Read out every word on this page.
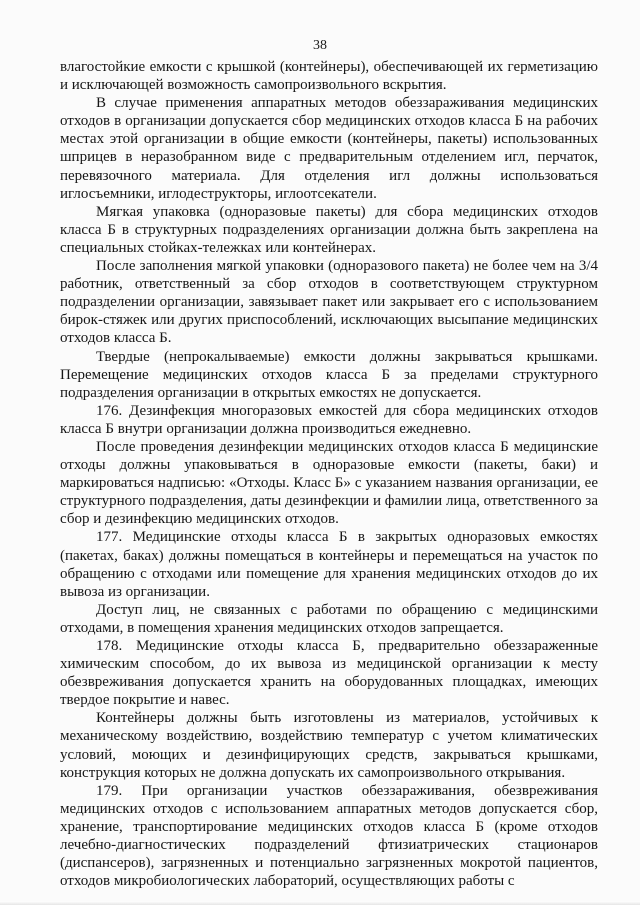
38

влагостойкие емкости с крышкой (контейнеры), обеспечивающей их герметизацию и исключающей возможность самопроизвольного вскрытия.

В случае применения аппаратных методов обеззараживания медицинских отходов в организации допускается сбор медицинских отходов класса Б на рабочих местах этой организации в общие емкости (контейнеры, пакеты) использованных шприцев в неразобранном виде с предварительным отделением игл, перчаток, перевязочного материала. Для отделения игл должны использоваться иглосъемники, иглодеструкторы, иглоотсекатели.

Мягкая упаковка (одноразовые пакеты) для сбора медицинских отходов класса Б в структурных подразделениях организации должна быть закреплена на специальных стойках-тележках или контейнерах.

После заполнения мягкой упаковки (одноразового пакета) не более чем на 3/4 работник, ответственный за сбор отходов в соответствующем структурном подразделении организации, завязывает пакет или закрывает его с использованием бирок-стяжек или других приспособлений, исключающих высыпание медицинских отходов класса Б.

Твердые (непрокалываемые) емкости должны закрываться крышками. Перемещение медицинских отходов класса Б за пределами структурного подразделения организации в открытых емкостях не допускается.

176. Дезинфекция многоразовых емкостей для сбора медицинских отходов класса Б внутри организации должна производиться ежедневно.

После проведения дезинфекции медицинских отходов класса Б медицинские отходы должны упаковываться в одноразовые емкости (пакеты, баки) и маркироваться надписью: «Отходы. Класс Б» с указанием названия организации, ее структурного подразделения, даты дезинфекции и фамилии лица, ответственного за сбор и дезинфекцию медицинских отходов.

177. Медицинские отходы класса Б в закрытых одноразовых емкостях (пакетах, баках) должны помещаться в контейнеры и перемещаться на участок по обращению с отходами или помещение для хранения медицинских отходов до их вывоза из организации.

Доступ лиц, не связанных с работами по обращению с медицинскими отходами, в помещения хранения медицинских отходов запрещается.

178. Медицинские отходы класса Б, предварительно обеззараженные химическим способом, до их вывоза из медицинской организации к месту обезвреживания допускается хранить на оборудованных площадках, имеющих твердое покрытие и навес.

Контейнеры должны быть изготовлены из материалов, устойчивых к механическому воздействию, воздействию температур с учетом климатических условий, моющих и дезинфицирующих средств, закрываться крышками, конструкция которых не должна допускать их самопроизвольного открывания.

179. При организации участков обеззараживания, обезвреживания медицинских отходов с использованием аппаратных методов допускается сбор, хранение, транспортирование медицинских отходов класса Б (кроме отходов лечебно-диагностических подразделений фтизиатрических стационаров (диспансеров), загрязненных и потенциально загрязненных мокротой пациентов, отходов микробиологических лабораторий, осуществляющих работы с
